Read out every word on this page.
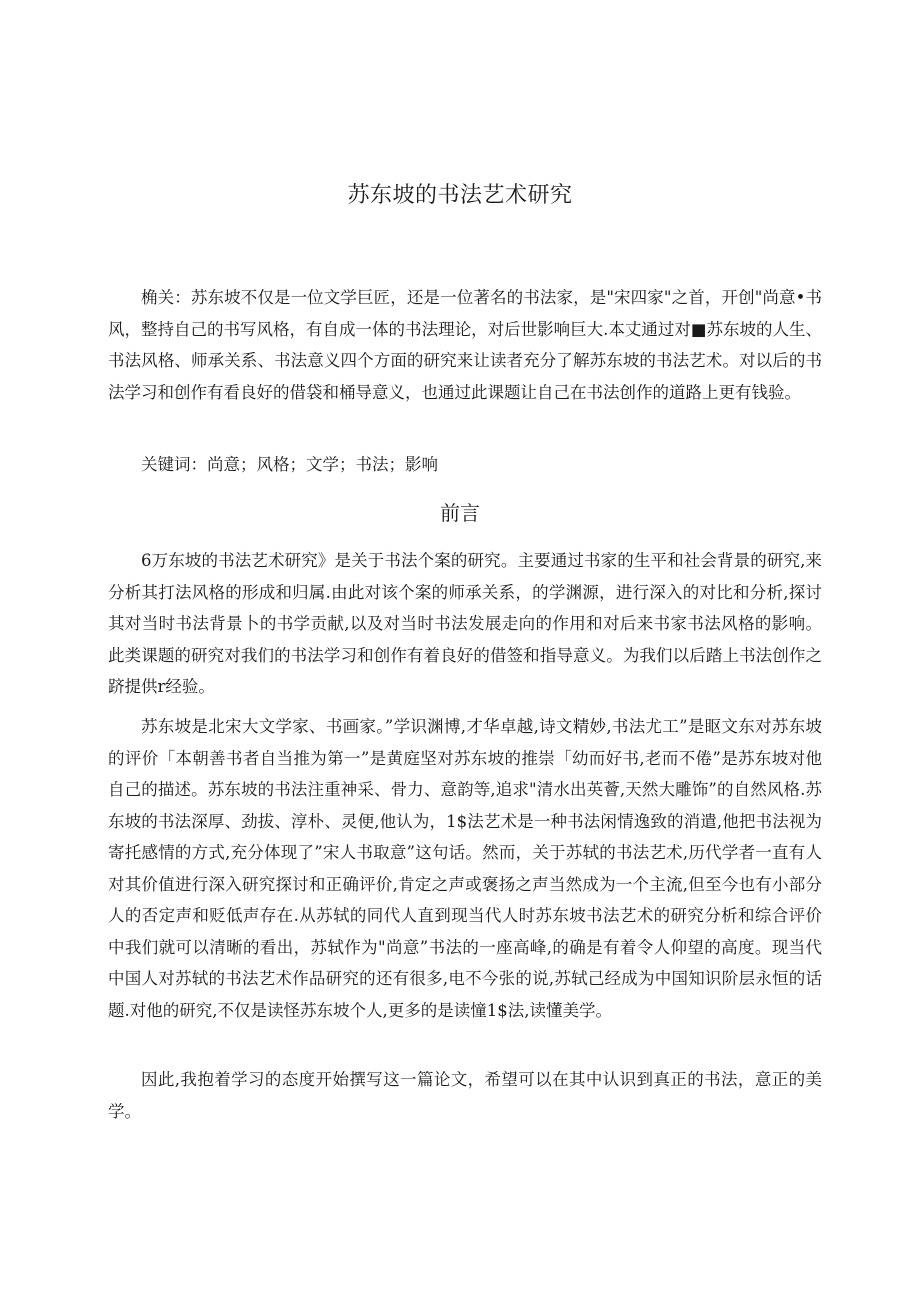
苏东坡的书法艺术研究

桷关：苏东坡不仅是一位文学巨匠，还是一位著名的书法家，是"宋四家"之首，开创"尚意•书风，整持自己的书写风格，有自成一体的书法理论，对后世影响巨大.本丈通过对■苏东坡的人生、书法风格、师承关系、书法意义四个方面的研究来让读者充分了解苏东坡的书法艺术。对以后的书法学习和创作有看良好的借袋和桶导意义，也通过此课题让自己在书法创作的道路上更有钱验。

关键词：尚意；风格；文学；书法；影响

前言

6万东坡的书法艺术研究》是关于书法个案的研究。主要通过书家的生平和社会背景的研究,来分析其打法风格的形成和归属.由此对该个案的师承关系，的学渊源，进行深入的对比和分析,探讨其对当时书法背景卜的书学贡献,以及对当时书法发展走向的作用和对后来书家书法风格的影响。此类课题的研究对我们的书法学习和创作有着良好的借签和指导意义。为我们以后踏上书法创作之跻提供r经验。

苏东坡是北宋大文学家、书画家。”学识渊博,才华卓越,诗文精妙,书法尤工”是眍文东对苏东坡的评价「本朝善书者自当推为第一”是黄庭坚对苏东坡的推崇「幼而好书,老而不倦”是苏东坡对他自己的描述。苏东坡的书法注重神采、骨力、意韵等,追求"清水出英薈,天然大雕饰”的自然风格.苏东坡的书法深厚、劲拔、淳朴、灵便,他认为，1$法艺术是一种书法闲情逸致的消遣,他把书法视为寄托感情的方式,充分体现了”宋人书取意”这句话。然而，关于苏轼的书法艺术,历代学者一直有人对其价值进行深入研究探讨和正确评价,肯定之声或褒扬之声当然成为一个主流,但至今也有小部分人的否定声和贬低声存在.从苏轼的同代人直到现当代人时苏东坡书法艺术的研究分析和综合评价中我们就可以清晰的看出，苏轼作为"尚意”书法的一座高峰,的确是有着令人仰望的高度。现当代中国人对苏轼的书法艺术作品研究的还有很多,电不今张的说,苏轼己经成为中国知识阶层永恒的话题.对他的研究,不仅是读怪苏东坡个人,更多的是读憧1$法,读懂美学。

因此,我抱着学习的态度开始撰写这一篇论文，希望可以在其中认识到真正的书法，意正的美学。
